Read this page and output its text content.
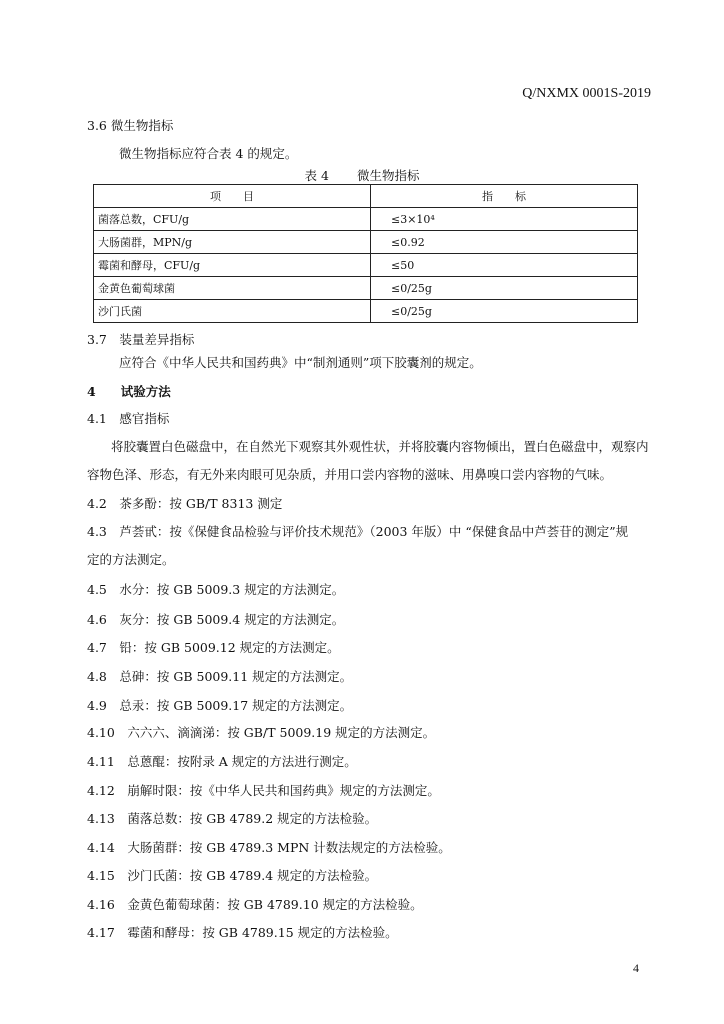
Q/NXMX 0001S-2019
3.6 微生物指标
微生物指标应符合表 4 的规定。
表 4 微生物指标
项　　目	指　　标
菌落总数，CFU/g	≤3×10⁴
大肠菌群，MPN/g	≤0.92
霉菌和酵母，CFU/g	≤50
金黄色葡萄球菌	≤0/25g
沙门氏菌	≤0/25g
3.7　装量差异指标
应符合《中华人民共和国药典》中“制剂通则”项下胶囊剂的规定。
4　　试验方法
4.1　感官指标
将胶囊置白色磁盘中，在自然光下观察其外观性状，并将胶囊内容物倾出，置白色磁盘中，观察内
容物色泽、形态，有无外来肉眼可见杂质，并用口尝内容物的滋味、用鼻嗅口尝内容物的气味。
4.2　茶多酚：按 GB/T 8313 测定
4.3　芦荟甙：按《保健食品检验与评价技术规范》（2003 年版）中 “保健食品中芦荟苷的测定”规
定的方法测定。
4.5　水分：按 GB 5009.3 规定的方法测定。
4.6　灰分：按 GB 5009.4 规定的方法测定。
4.7　铅：按 GB 5009.12 规定的方法测定。
4.8　总砷：按 GB 5009.11 规定的方法测定。
4.9　总汞：按 GB 5009.17 规定的方法测定。
4.10　六六六、滴滴涕：按 GB/T 5009.19 规定的方法测定。
4.11　总蒽醌：按附录 A 规定的方法进行测定。
4.12　崩解时限：按《中华人民共和国药典》规定的方法测定。
4.13　菌落总数：按 GB 4789.2 规定的方法检验。
4.14　大肠菌群：按 GB 4789.3 MPN 计数法规定的方法检验。
4.15　沙门氏菌：按 GB 4789.4 规定的方法检验。
4.16　金黄色葡萄球菌：按 GB 4789.10 规定的方法检验。
4.17　霉菌和酵母：按 GB 4789.15 规定的方法检验。
4
